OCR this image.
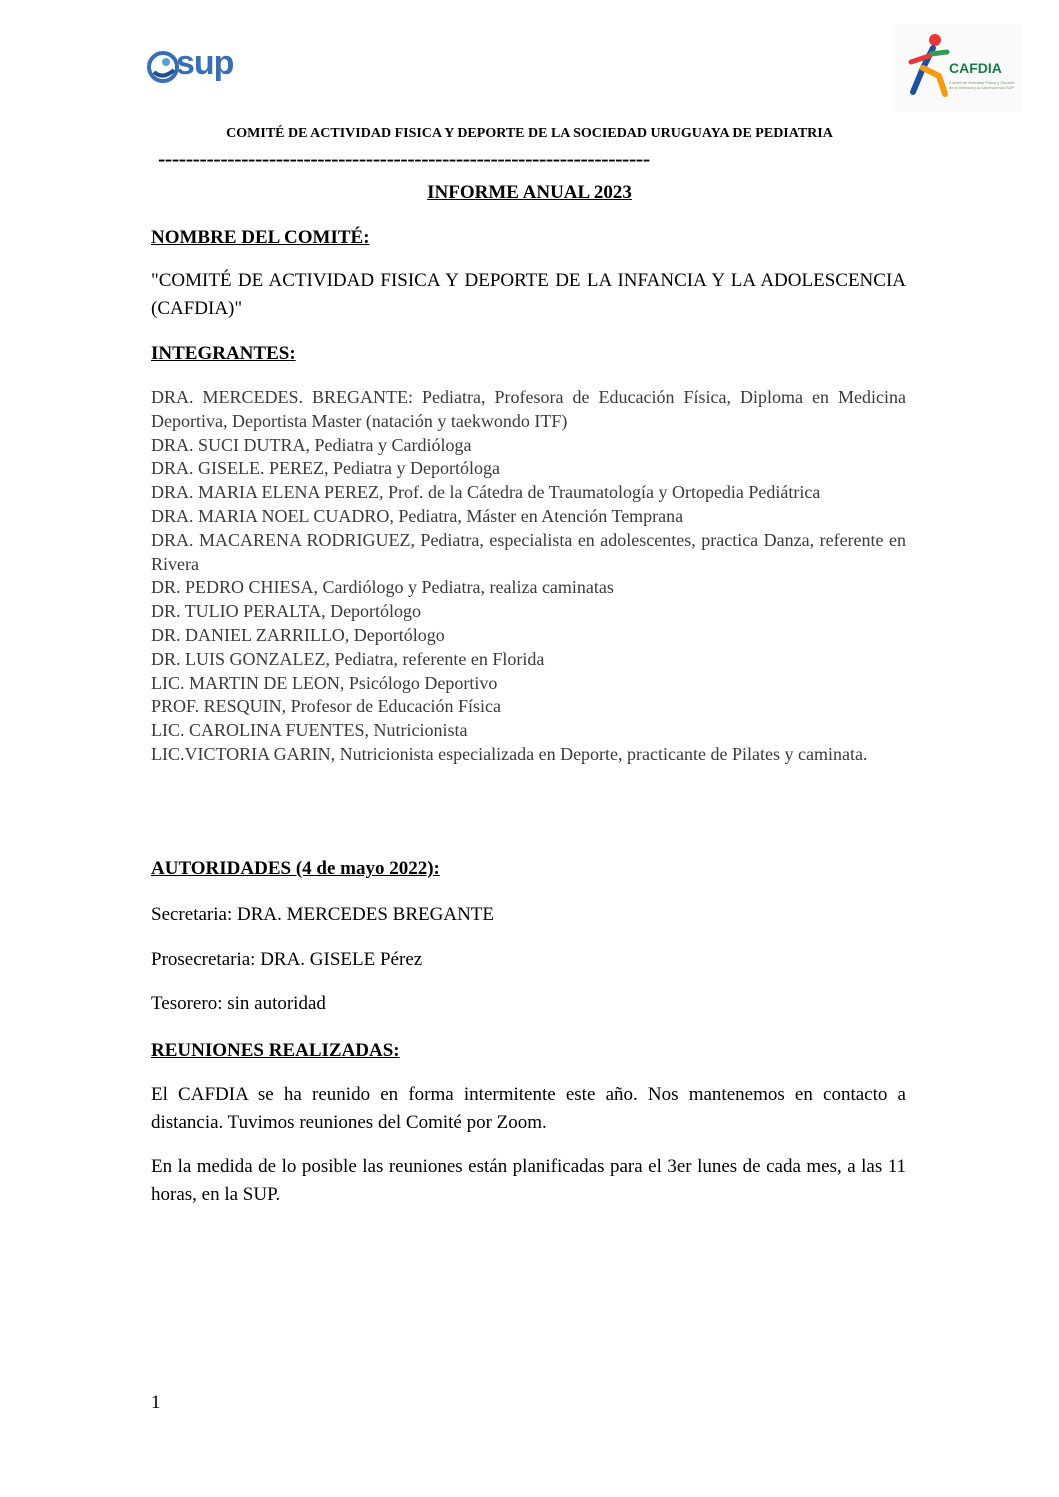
sup	CAFDIA
Comité de Actividad Física y Deporte de la Infancia y la Adolescencia SUP
COMITÉ DE ACTIVIDAD FISICA Y DEPORTE DE LA SOCIEDAD URUGUAYA DE PEDIATRIA
-----------------------------------------------------------------------
INFORME ANUAL 2023
NOMBRE DEL COMITÉ:
"COMITÉ DE ACTIVIDAD FISICA Y DEPORTE DE LA INFANCIA Y LA ADOLESCENCIA (CAFDIA)"
INTEGRANTES:
DRA. MERCEDES. BREGANTE: Pediatra, Profesora de Educación Física, Diploma en Medicina Deportiva, Deportista Master (natación y taekwondo ITF)
DRA. SUCI DUTRA, Pediatra y Cardióloga
DRA. GISELE. PEREZ, Pediatra y Deportóloga
DRA. MARIA ELENA PEREZ, Prof. de la Cátedra de Traumatología y Ortopedia Pediátrica
DRA. MARIA NOEL CUADRO, Pediatra, Máster en Atención Temprana
DRA. MACARENA RODRIGUEZ, Pediatra, especialista en adolescentes, practica Danza, referente en Rivera
DR. PEDRO CHIESA, Cardiólogo y Pediatra, realiza caminatas
DR. TULIO PERALTA, Deportólogo
DR. DANIEL ZARRILLO, Deportólogo
DR. LUIS GONZALEZ, Pediatra, referente en Florida
LIC. MARTIN DE LEON, Psicólogo Deportivo
PROF. RESQUIN, Profesor de Educación Física
LIC. CAROLINA FUENTES, Nutricionista
LIC.VICTORIA GARIN, Nutricionista especializada en Deporte, practicante de Pilates y caminata.
AUTORIDADES (4 de mayo 2022):
Secretaria: DRA. MERCEDES BREGANTE
Prosecretaria: DRA. GISELE Pérez
Tesorero: sin autoridad
REUNIONES REALIZADAS:
El CAFDIA se ha reunido en forma intermitente este año. Nos mantenemos en contacto a distancia. Tuvimos reuniones del Comité por Zoom.
En la medida de lo posible las reuniones están planificadas para el 3er lunes de cada mes, a las 11 horas, en la SUP.
1
